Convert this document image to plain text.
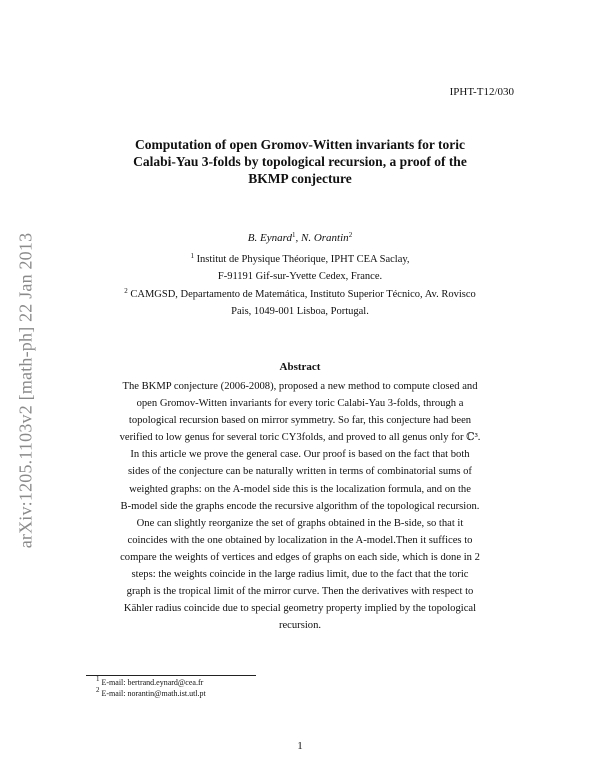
IPHT-T12/030
arXiv:1205.1103v2 [math-ph] 22 Jan 2013
Computation of open Gromov-Witten invariants for toric
Calabi-Yau 3-folds by topological recursion, a proof of the
BKMP conjecture
B. Eynard$^1$, N. Orantin$^2$
$^1$ Institut de Physique Théorique, IPHT CEA Saclay,
F-91191 Gif-sur-Yvette Cedex, France.
$^2$ CAMGSD, Departamento de Matemática, Instituto Superior Técnico, Av. Rovisco
Pais, 1049-001 Lisboa, Portugal.
Abstract
The BKMP conjecture (2006-2008), proposed a new method to compute closed and
open Gromov-Witten invariants for every toric Calabi-Yau 3-folds, through a
topological recursion based on mirror symmetry. So far, this conjecture had been
verified to low genus for several toric CY3folds, and proved to all genus only for ℂ³.
In this article we prove the general case. Our proof is based on the fact that both
sides of the conjecture can be naturally written in terms of combinatorial sums of
weighted graphs: on the A-model side this is the localization formula, and on the
B-model side the graphs encode the recursive algorithm of the topological recursion.
One can slightly reorganize the set of graphs obtained in the B-side, so that it
coincides with the one obtained by localization in the A-model.Then it suffices to
compare the weights of vertices and edges of graphs on each side, which is done in 2
steps: the weights coincide in the large radius limit, due to the fact that the toric
graph is the tropical limit of the mirror curve. Then the derivatives with respect to
Kähler radius coincide due to special geometry property implied by the topological
recursion.
$^1$ E-mail: bertrand.eynard@cea.fr
$^2$ E-mail: norantin@math.ist.utl.pt
1
